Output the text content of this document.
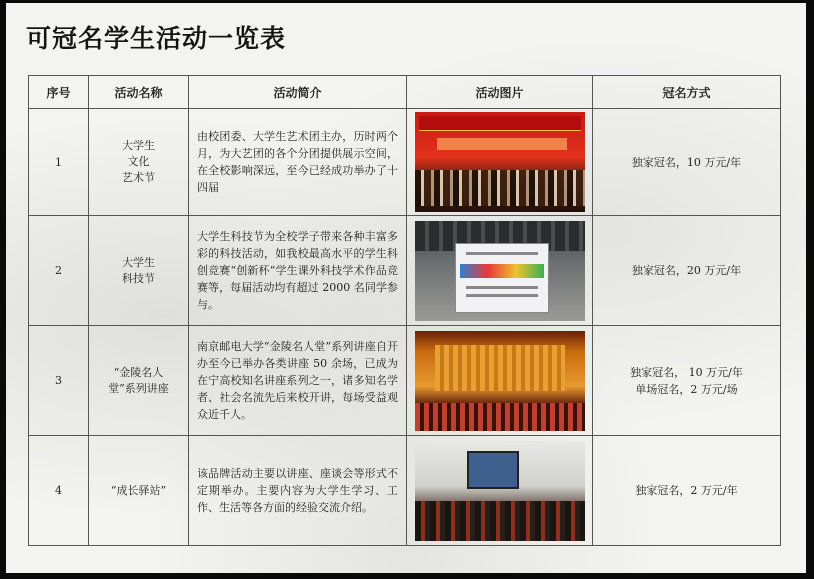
可冠名学生活动一览表
序号	活动名称	活动简介	活动图片	冠名方式
1	大学生
文化
艺术节	由校团委、大学生艺术团主办，历时两个月，为大艺团的各个分团提供展示空间，在全校影响深远，至今已经成功举办了十四届		独家冠名，10 万元/年
2	大学生
科技节	大学生科技节为全校学子带来各种丰富多彩的科技活动，如我校最高水平的学生科创竞赛“创新杯”学生课外科技学术作品竞赛等，每届活动均有超过 2000 名同学参与。		独家冠名，20 万元/年
3	“金陵名人
堂”系列讲座	南京邮电大学“金陵名人堂”系列讲座自开办至今已举办各类讲座 50 余场，已成为在宁高校知名讲座系列之一，诸多知名学者、社会名流先后来校开讲，每场受益观众近千人。		独家冠名， 10 万元/年
单场冠名，2 万元/场
4	“成长驿站”	该品牌活动主要以讲座、座谈会等形式不定期举办。主要内容为大学生学习、工作、生活等各方面的经验交流介绍。		独家冠名，2 万元/年
